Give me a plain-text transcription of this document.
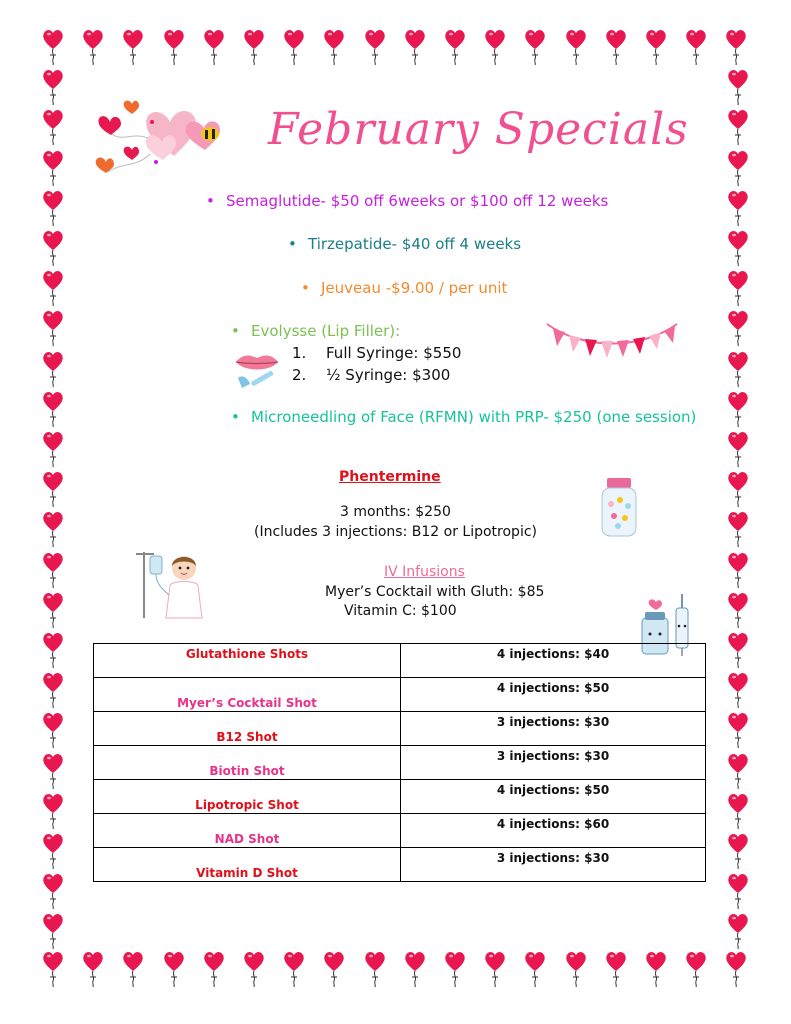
February Specials
• Semaglutide- $50 off 6weeks or $100 off 12 weeks
• Tirzepatide- $40 off 4 weeks
• Jeuveau -$9.00 / per unit
• Evolysse (Lip Filler):
1. Full Syringe: $550
2. ½ Syringe: $300
• Microneedling of Face (RFMN) with PRP- $250 (one session)
Phentermine
3 months: $250
(Includes 3 injections: B12 or Lipotropic)
IV Infusions
Myer’s Cocktail with Gluth: $85
Vitamin C: $100
Glutathione Shots	4 injections: $40

Myer’s Cocktail Shot	4 injections: $50

B12 Shot	3 injections: $30

Biotin Shot	3 injections: $30

Lipotropic Shot	4 injections: $50

NAD Shot	4 injections: $60

Vitamin D Shot	3 injections: $30
